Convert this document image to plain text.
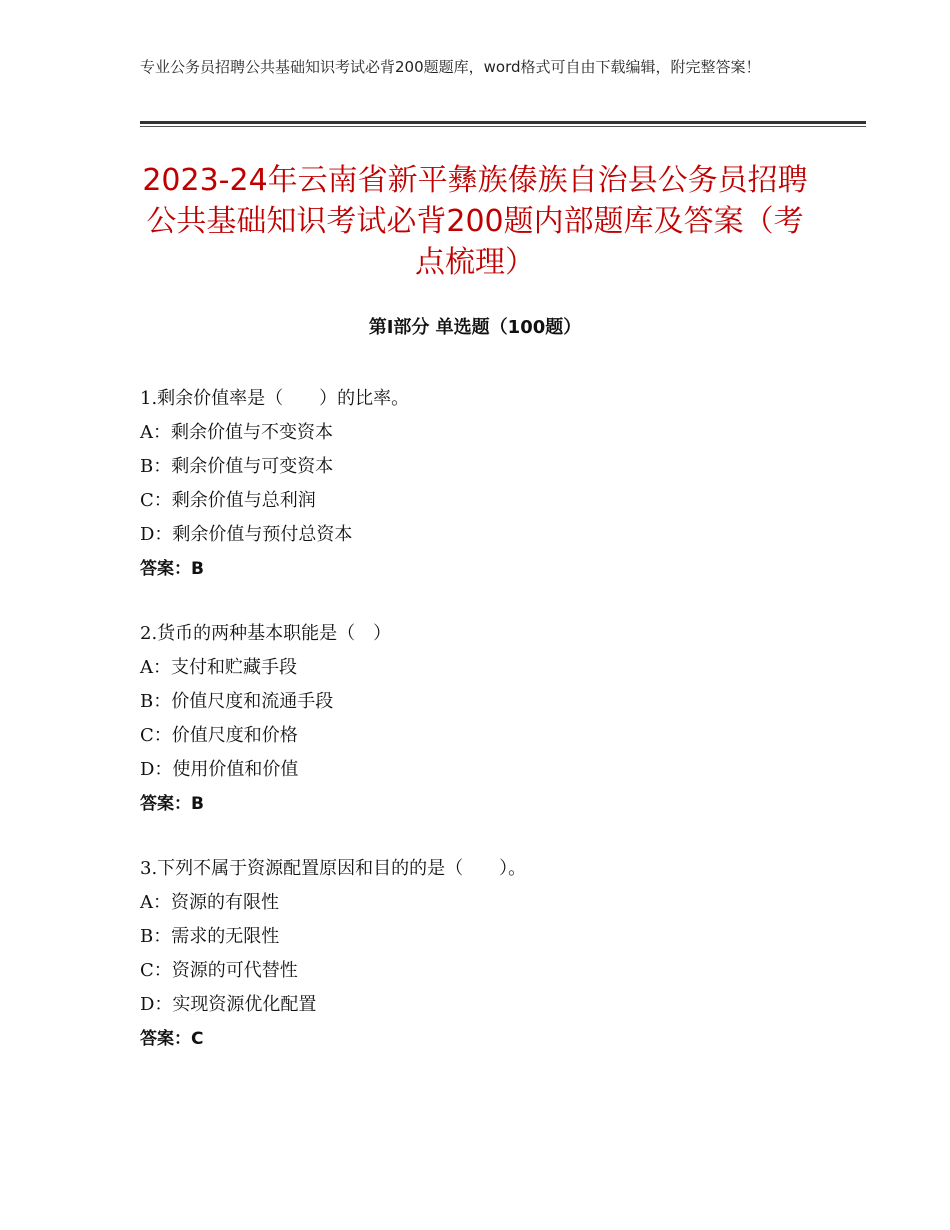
专业公务员招聘公共基础知识考试必背200题题库，word格式可自由下载编辑，附完整答案！
2023-24年云南省新平彝族傣族自治县公务员招聘公共基础知识考试必背200题内部题库及答案（考点梳理）
第Ⅰ部分 单选题（100题）
1.剩余价值率是（　　）的比率。
A：剩余价值与不变资本
B：剩余价值与可变资本
C：剩余价值与总利润
D：剩余价值与预付总资本
答案：B
2.货币的两种基本职能是（　）
A：支付和贮藏手段
B：价值尺度和流通手段
C：价值尺度和价格
D：使用价值和价值
答案：B
3.下列不属于资源配置原因和目的的是（　　）。
A：资源的有限性
B：需求的无限性
C：资源的可代替性
D：实现资源优化配置
答案：C
